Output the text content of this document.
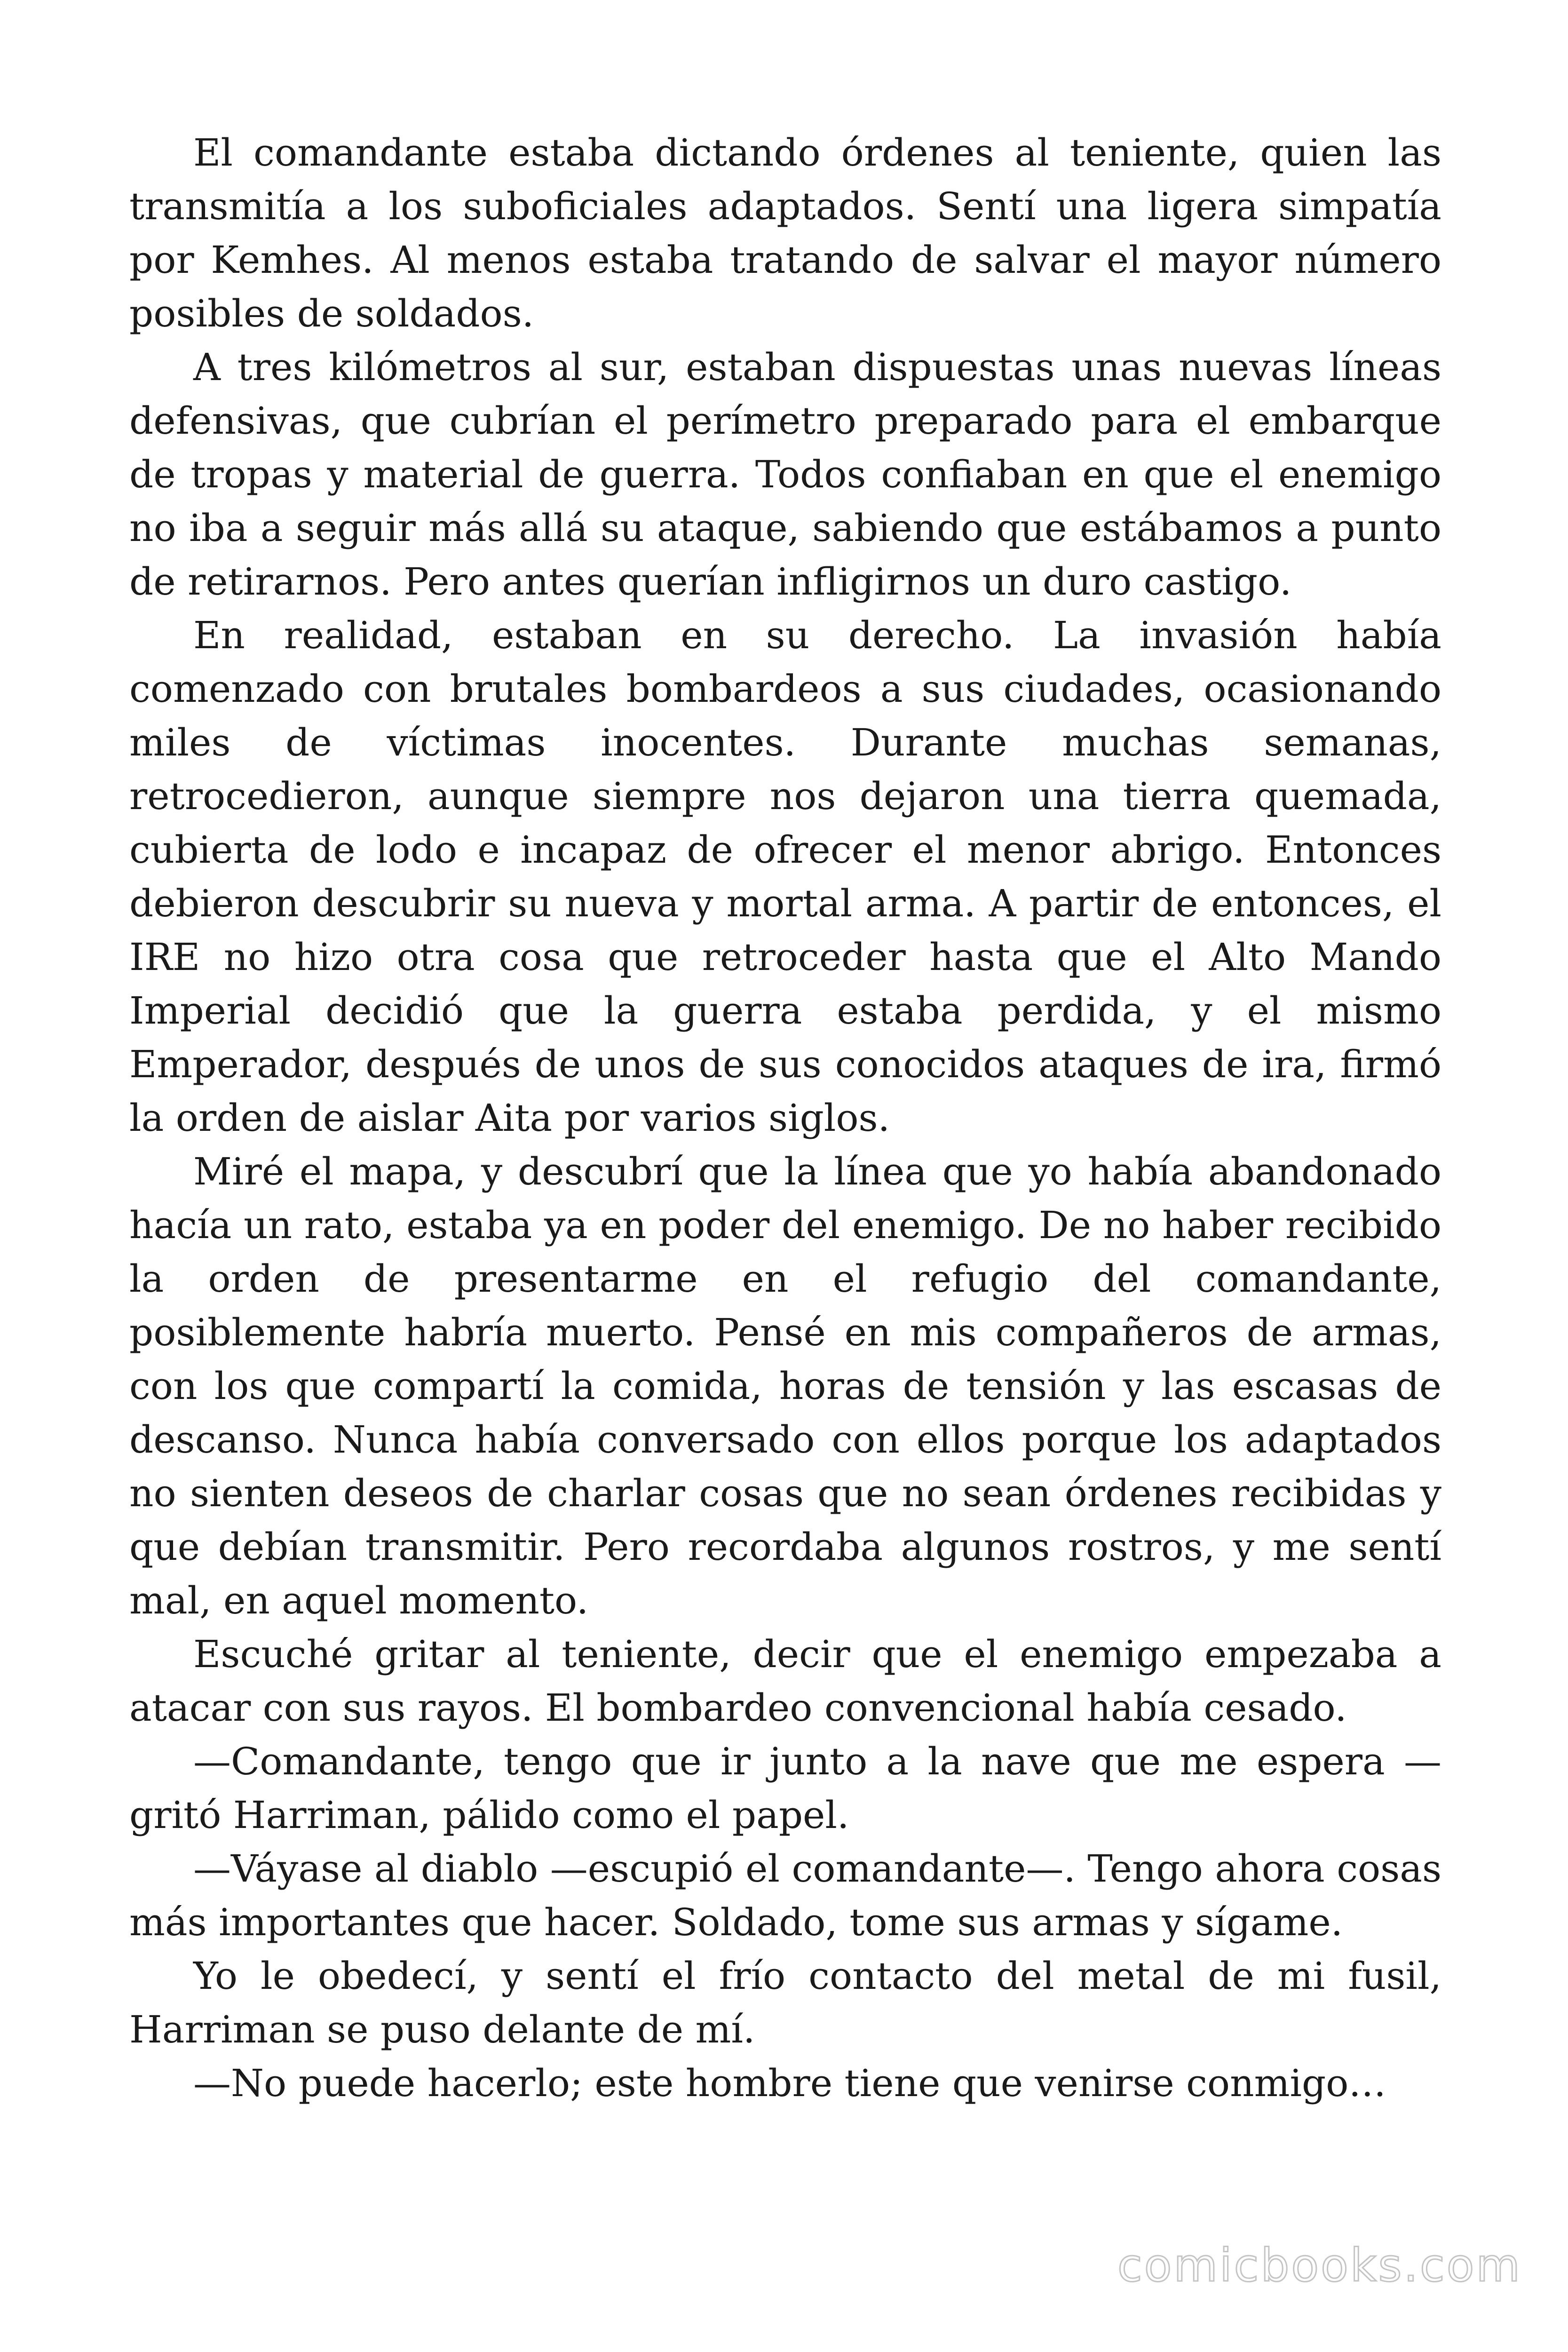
El comandante estaba dictando órdenes al teniente, quien las transmitía a los suboficiales adaptados. Sentí una ligera simpatía por Kemhes. Al menos estaba tratando de salvar el mayor número posibles de soldados.

A tres kilómetros al sur, estaban dispuestas unas nuevas líneas defensivas, que cubrían el perímetro preparado para el embarque de tropas y material de guerra. Todos confiaban en que el enemigo no iba a seguir más allá su ataque, sabiendo que estábamos a punto de retirarnos. Pero antes querían infligirnos un duro castigo.

En realidad, estaban en su derecho. La invasión había comenzado con brutales bombardeos a sus ciudades, ocasionando miles de víctimas inocentes. Durante muchas semanas, retrocedieron, aunque siempre nos dejaron una tierra quemada, cubierta de lodo e incapaz de ofrecer el menor abrigo. Entonces debieron descubrir su nueva y mortal arma. A partir de entonces, el IRE no hizo otra cosa que retroceder hasta que el Alto Mando Imperial decidió que la guerra estaba perdida, y el mismo Emperador, después de unos de sus conocidos ataques de ira, firmó la orden de aislar Aita por varios siglos.

Miré el mapa, y descubrí que la línea que yo había abandonado hacía un rato, estaba ya en poder del enemigo. De no haber recibido la orden de presentarme en el refugio del comandante, posiblemente habría muerto. Pensé en mis compañeros de armas, con los que compartí la comida, horas de tensión y las escasas de descanso. Nunca había conversado con ellos porque los adaptados no sienten deseos de charlar cosas que no sean órdenes recibidas y que debían transmitir. Pero recordaba algunos rostros, y me sentí mal, en aquel momento.

Escuché gritar al teniente, decir que el enemigo empezaba a atacar con sus rayos. El bombardeo convencional había cesado.

—Comandante, tengo que ir junto a la nave que me espera —gritó Harriman, pálido como el papel.

—Váyase al diablo —escupió el comandante—. Tengo ahora cosas más importantes que hacer. Soldado, tome sus armas y sígame.

Yo le obedecí, y sentí el frío contacto del metal de mi fusil, Harriman se puso delante de mí.

—No puede hacerlo; este hombre tiene que venirse conmigo…

comicbooks.com
